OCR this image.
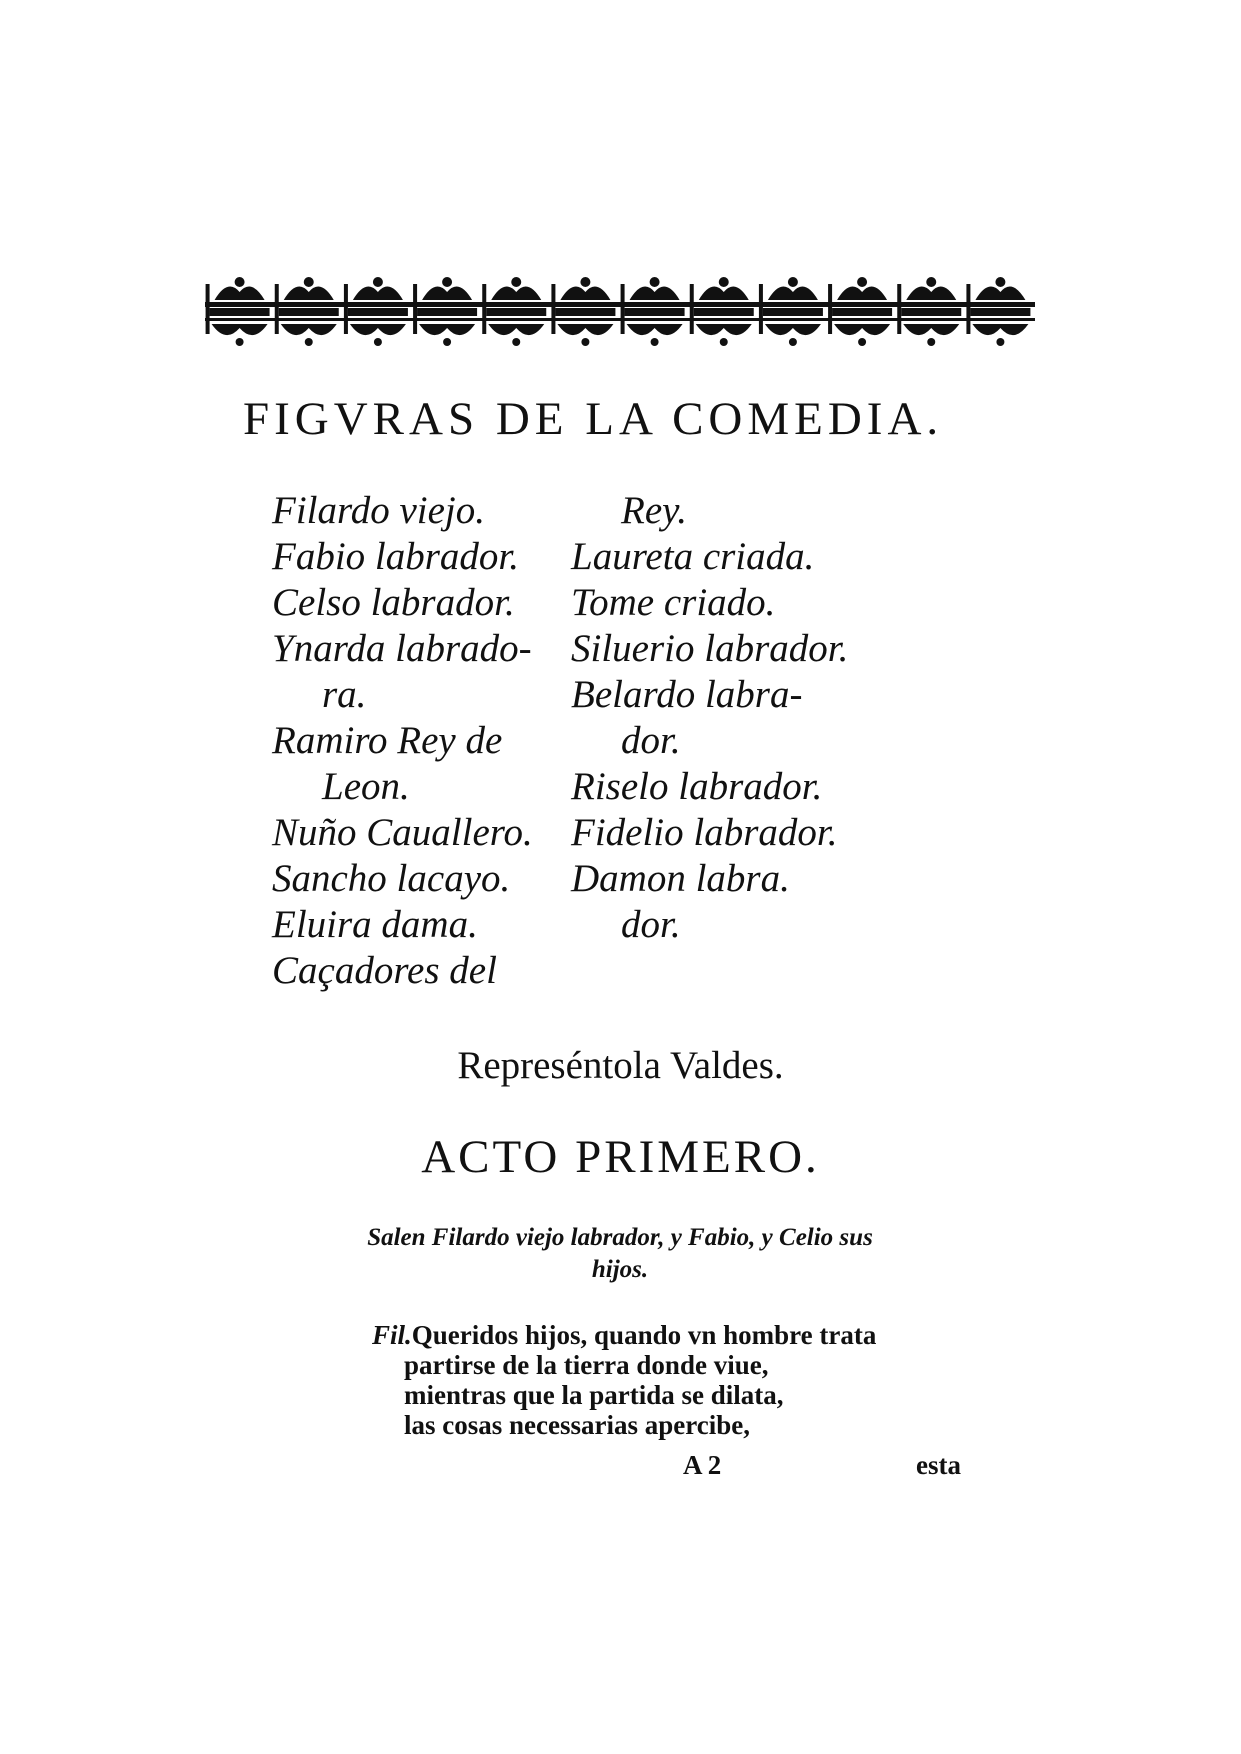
FIGVRAS DE LA COMEDIA.
Filardo viejo.
Fabio labrador.
Celso labrador.
Ynarda labrado-
ra.
Ramiro Rey de
Leon.
Nuño Cauallero.
Sancho lacayo.
Eluira dama.
Caçadores del
Rey.
Laureta criada.
Tome criado.
Siluerio labrador.
Belardo labra-
dor.
Riselo labrador.
Fidelio labrador.
Damon labra.
dor.
Represéntola Valdes.
ACTO PRIMERO.
Salen Filardo viejo labrador, y Fabio, y Celio sus hijos.
Fil.Queridos hijos, quando vn hombre trata
partirse de la tierra donde viue,
mientras que la partida se dilata,
las cosas necessarias apercibe,
A 2	esta
